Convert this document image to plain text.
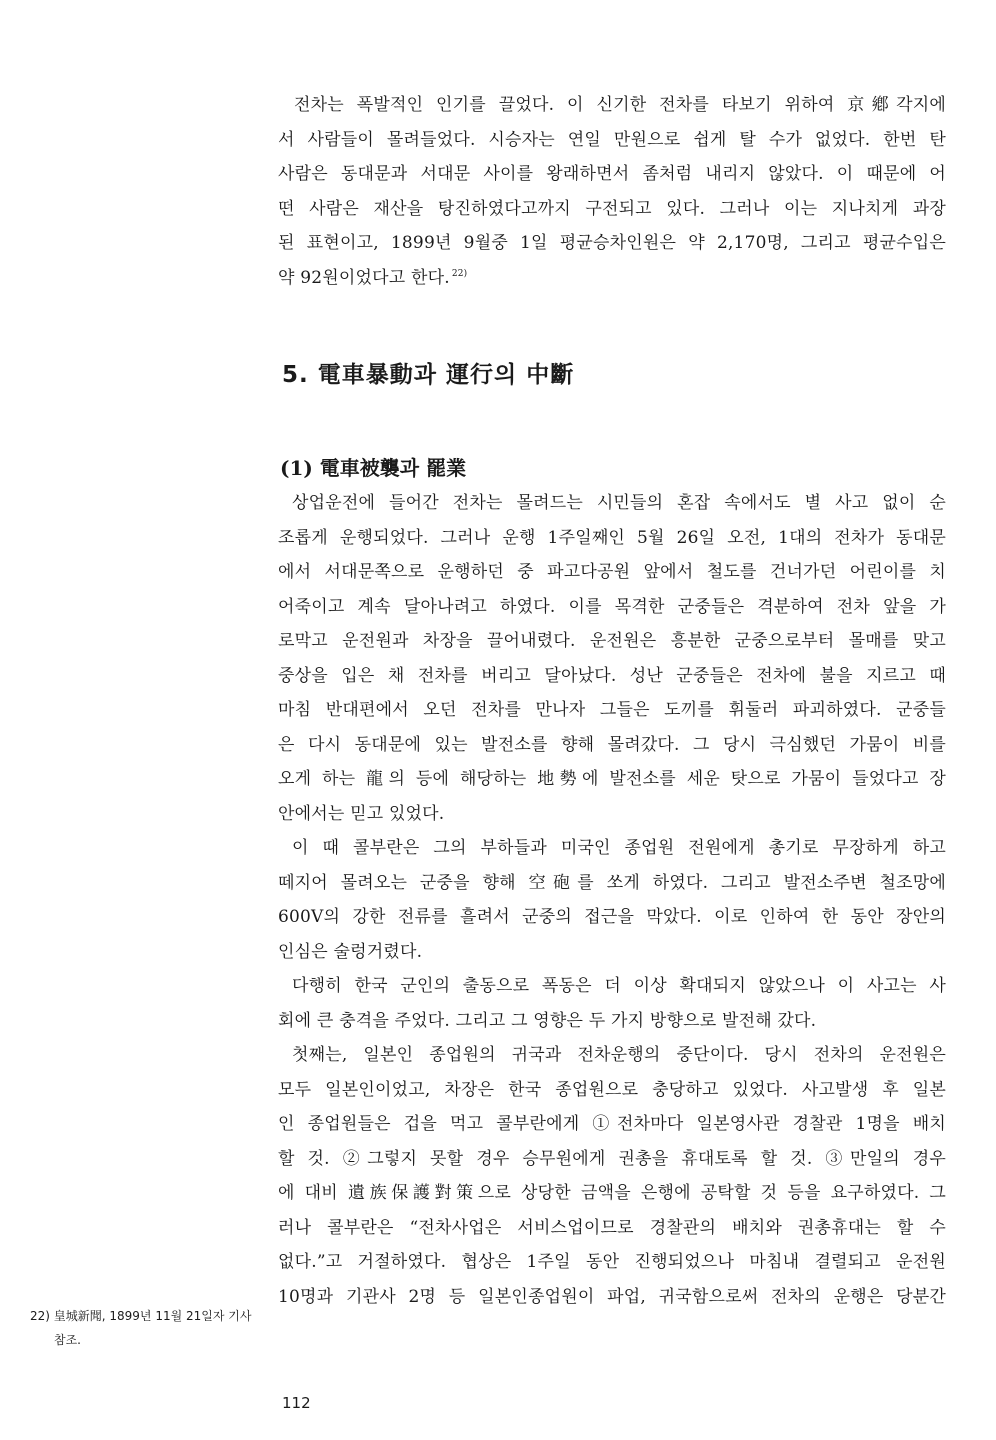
전차는 폭발적인 인기를 끌었다. 이 신기한 전차를 타보기 위하여 京鄕각지에
서 사람들이 몰려들었다. 시승자는 연일 만원으로 쉽게 탈 수가 없었다. 한번 탄
사람은 동대문과 서대문 사이를 왕래하면서 좀처럼 내리지 않았다. 이 때문에 어
떤 사람은 재산을 탕진하였다고까지 구전되고 있다. 그러나 이는 지나치게 과장
된 표현이고, 1899년 9월중 1일 평균승차인원은 약 2,170명, 그리고 평균수입은
약 92원이었다고 한다. $^{22)}$
5. 電車暴動과 運行의 中斷
(1) 電車被襲과 罷業
상업운전에 들어간 전차는 몰려드는 시민들의 혼잡 속에서도 별 사고 없이 순
조롭게 운행되었다. 그러나 운행 1주일째인 5월 26일 오전, 1대의 전차가 동대문
에서 서대문쪽으로 운행하던 중 파고다공원 앞에서 철도를 건너가던 어린이를 치
어죽이고 계속 달아나려고 하였다. 이를 목격한 군중들은 격분하여 전차 앞을 가
로막고 운전원과 차장을 끌어내렸다. 운전원은 흥분한 군중으로부터 몰매를 맞고
중상을 입은 채 전차를 버리고 달아났다. 성난 군중들은 전차에 불을 지르고 때
마침 반대편에서 오던 전차를 만나자 그들은 도끼를 휘둘러 파괴하였다. 군중들
은 다시 동대문에 있는 발전소를 향해 몰려갔다. 그 당시 극심했던 가뭄이 비를
오게 하는 龍의 등에 해당하는 地勢에 발전소를 세운 탓으로 가뭄이 들었다고 장
안에서는 믿고 있었다.
이 때 콜부란은 그의 부하들과 미국인 종업원 전원에게 총기로 무장하게 하고
떼지어 몰려오는 군중을 향해 空砲를 쏘게 하였다. 그리고 발전소주변 철조망에
600V의 강한 전류를 흘려서 군중의 접근을 막았다. 이로 인하여 한 동안 장안의
인심은 술렁거렸다.
다행히 한국 군인의 출동으로 폭동은 더 이상 확대되지 않았으나 이 사고는 사
회에 큰 충격을 주었다. 그리고 그 영향은 두 가지 방향으로 발전해 갔다.
첫째는, 일본인 종업원의 귀국과 전차운행의 중단이다. 당시 전차의 운전원은
모두 일본인이었고, 차장은 한국 종업원으로 충당하고 있었다. 사고발생 후 일본
인 종업원들은 겁을 먹고 콜부란에게 ①전차마다 일본영사관 경찰관 1명을 배치
할 것. ②그렇지 못할 경우 승무원에게 권총을 휴대토록 할 것. ③만일의 경우
에 대비 遺族保護對策으로 상당한 금액을 은행에 공탁할 것 등을 요구하였다. 그
러나 콜부란은 “전차사업은 서비스업이므로 경찰관의 배치와 권총휴대는 할 수
없다.”고 거절하였다. 협상은 1주일 동안 진행되었으나 마침내 결렬되고 운전원
10명과 기관사 2명 등 일본인종업원이 파업, 귀국함으로써 전차의 운행은 당분간
22) 皇城新聞, 1899년 11월 21일자 기사
참조.
112
